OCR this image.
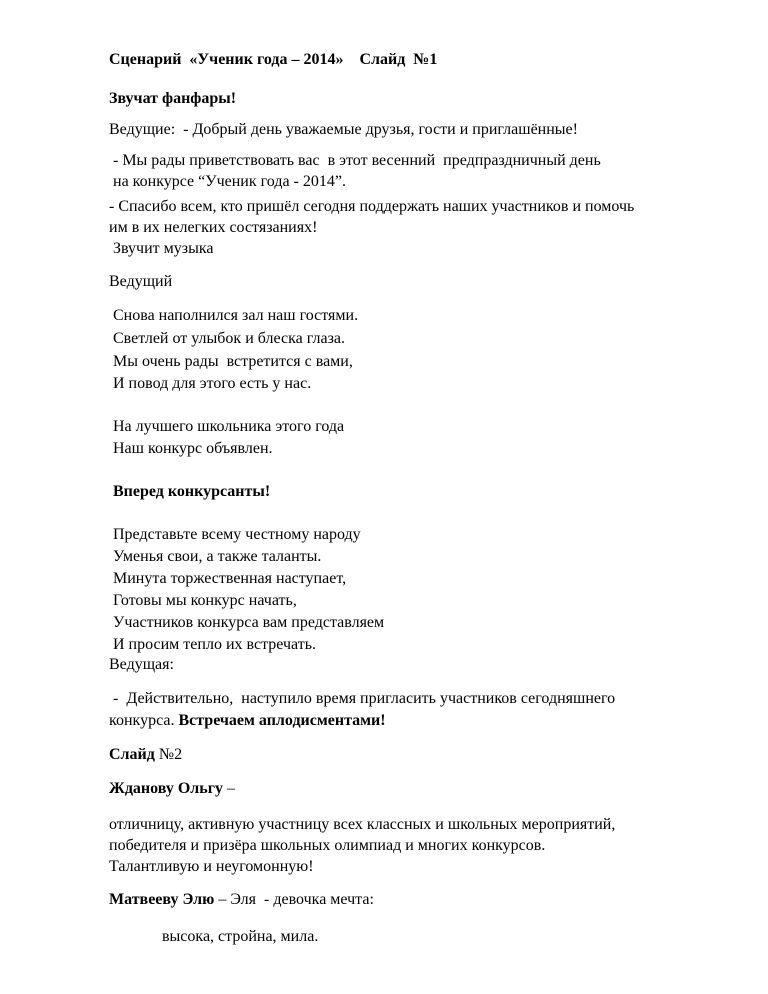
Сценарий  «Ученик года – 2014»    Слайд  №1
Звучат фанфары!
Ведущие:  - Добрый день уважаемые друзья, гости и приглашённые!
- Мы рады приветствовать вас  в этот весенний  предпраздничный день
на конкурсе “Ученик года - 2014”.
- Спасибо всем, кто пришёл сегодня поддержать наших участников и помочь
им в их нелегких состязаниях!
Звучит музыка
Ведущий
Снова наполнился зал наш гостями.
Светлей от улыбок и блеска глаза.
Мы очень рады  встретится с вами,
И повод для этого есть у нас.
На лучшего школьника этого года
Наш конкурс объявлен.
Вперед конкурсанты!
Представьте всему честному народу
Уменья свои, а также таланты.
Минута торжественная наступает,
Готовы мы конкурс начать,
Участников конкурса вам представляем
И просим тепло их встречать.
Ведущая:
-  Действительно,  наступило время пригласить участников сегодняшнего
конкурса. Встречаем аплодисментами!
Слайд №2
Жданову Ольгу –
отличницу, активную участницу всех классных и школьных мероприятий,
победителя и призёра школьных олимпиад и многих конкурсов.
Талантливую и неугомонную!
Матвееву Элю – Эля  - девочка мечта:
высока, стройна, мила.
